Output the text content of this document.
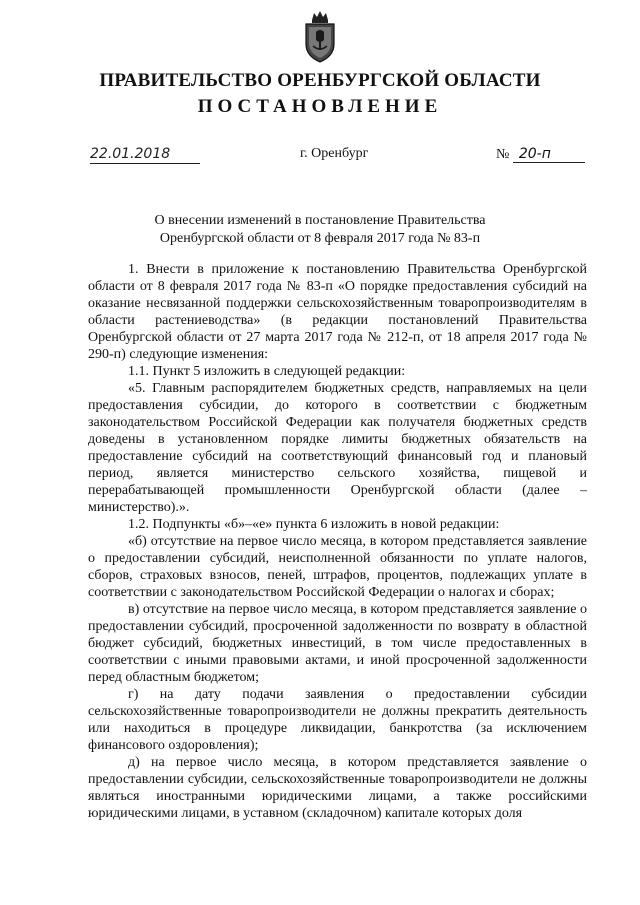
ПРАВИТЕЛЬСТВО ОРЕНБУРГСКОЙ ОБЛАСТИ
ПОСТАНОВЛЕНИЕ
22.01.2018	г. Оренбург	№ 20-п
О внесении изменений в постановление Правительства
Оренбургской области от 8 февраля 2017 года № 83-п

1. Внести в приложение к постановлению Правительства Оренбургской области от 8 февраля 2017 года № 83-п «О порядке предоставления субсидий на оказание несвязанной поддержки сельскохозяйственным товаропроизводителям в области растениеводства» (в редакции постановлений Правительства Оренбургской области от 27 марта 2017 года № 212-п, от 18 апреля 2017 года № 290-п) следующие изменения:

1.1. Пункт 5 изложить в следующей редакции:

«5. Главным распорядителем бюджетных средств, направляемых на цели предоставления субсидии, до которого в соответствии с бюджетным законодательством Российской Федерации как получателя бюджетных средств доведены в установленном порядке лимиты бюджетных обязательств на предоставление субсидий на соответствующий финансовый год и плановый период, является министерство сельского хозяйства, пищевой и перерабатывающей промышленности Оренбургской области (далее – министерство).».

1.2. Подпункты «б»–«е» пункта 6 изложить в новой редакции:

«б) отсутствие на первое число месяца, в котором представляется заявление о предоставлении субсидий, неисполненной обязанности по уплате налогов, сборов, страховых взносов, пеней, штрафов, процентов, подлежащих уплате в соответствии с законодательством Российской Федерации о налогах и сборах;

в) отсутствие на первое число месяца, в котором представляется заявление о предоставлении субсидий, просроченной задолженности по возврату в областной бюджет субсидий, бюджетных инвестиций, в том числе предоставленных в соответствии с иными правовыми актами, и иной просроченной задолженности перед областным бюджетом;

г) на дату подачи заявления о предоставлении субсидии сельскохозяйственные товаропроизводители не должны прекратить деятельность или находиться в процедуре ликвидации, банкротства (за исключением финансового оздоровления);

д) на первое число месяца, в котором представляется заявление о предоставлении субсидии, сельскохозяйственные товаропроизводители не должны являться иностранными юридическими лицами, а также российскими юридическими лицами, в уставном (складочном) капитале которых доля
